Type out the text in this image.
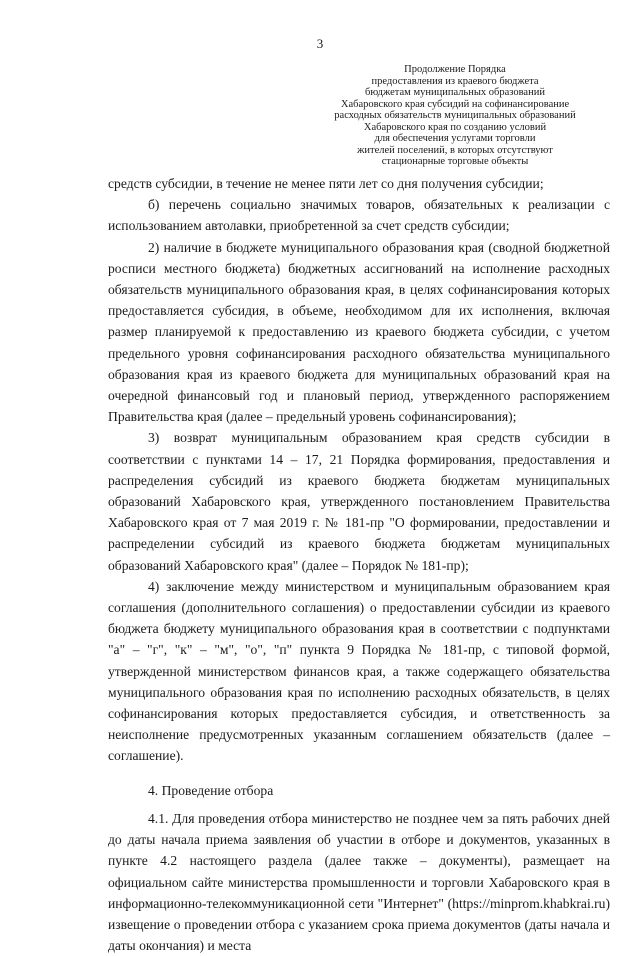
3
Продолжение Порядка
предоставления из краевого бюджета
бюджетам муниципальных образований
Хабаровского края субсидий на софинансирование
расходных обязательств муниципальных образований
Хабаровского края по созданию условий
для обеспечения услугами торговли
жителей поселений, в которых отсутствуют
стационарные торговые объекты

средств субсидии, в течение не менее пяти лет со дня получения субсидии;

б) перечень социально значимых товаров, обязательных к реализации с использованием автолавки, приобретенной за счет средств субсидии;

2) наличие в бюджете муниципального образования края (сводной бюджетной росписи местного бюджета) бюджетных ассигнований на исполнение расходных обязательств муниципального образования края, в целях софинансирования которых предоставляется субсидия, в объеме, необходимом для их исполнения, включая размер планируемой к предоставлению из краевого бюджета субсидии, с учетом предельного уровня софинансирования расходного обязательства муниципального образования края из краевого бюджета для муниципальных образований края на очередной финансовый год и плановый период, утвержденного распоряжением Правительства края (далее – предельный уровень софинансирования);

3) возврат муниципальным образованием края средств субсидии в соответствии с пунктами 14 – 17, 21 Порядка формирования, предоставления и распределения субсидий из краевого бюджета бюджетам муниципальных образований Хабаровского края, утвержденного постановлением Правительства Хабаровского края от 7 мая 2019 г. № 181-пр "О формировании, предоставлении и распределении субсидий из краевого бюджета бюджетам муниципальных образований Хабаровского края" (далее – Порядок № 181-пр);

4) заключение между министерством и муниципальным образованием края соглашения (дополнительного соглашения) о предоставлении субсидии из краевого бюджета бюджету муниципального образования края в соответствии с подпунктами "а" – "г", "к" – "м", "о", "п" пункта 9 Порядка № 181-пр, с типовой формой, утвержденной министерством финансов края, а также содержащего обязательства муниципального образования края по исполнению расходных обязательств, в целях софинансирования которых предоставляется субсидия, и ответственность за неисполнение предусмотренных указанным соглашением обязательств (далее – соглашение).

4. Проведение отбора

4.1. Для проведения отбора министерство не позднее чем за пять рабочих дней до даты начала приема заявления об участии в отборе и документов, указанных в пункте 4.2 настоящего раздела (далее также – документы), размещает на официальном сайте министерства промышленности и торговли Хабаровского края в информационно-телекоммуникационной сети "Интернет" (https://minprom.khabkrai.ru) извещение о проведении отбора с указанием срока приема документов (даты начала и даты окончания) и места
